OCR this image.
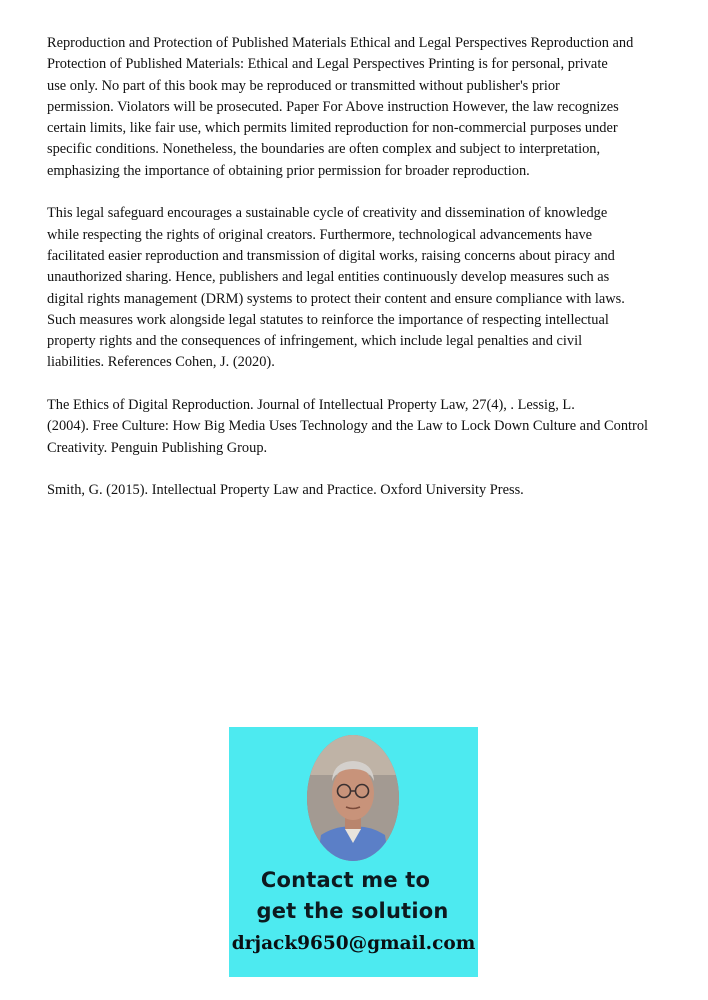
Reproduction and Protection of Published Materials Ethical and Legal Perspectives Reproduction and
Protection of Published Materials: Ethical and Legal Perspectives Printing is for personal, private
use only. No part of this book may be reproduced or transmitted without publisher's prior
permission. Violators will be prosecuted. Paper For Above instruction However, the law recognizes
certain limits, like fair use, which permits limited reproduction for non-commercial purposes under
specific conditions. Nonetheless, the boundaries are often complex and subject to interpretation,
emphasizing the importance of obtaining prior permission for broader reproduction.
This legal safeguard encourages a sustainable cycle of creativity and dissemination of knowledge
while respecting the rights of original creators. Furthermore, technological advancements have
facilitated easier reproduction and transmission of digital works, raising concerns about piracy and
unauthorized sharing. Hence, publishers and legal entities continuously develop measures such as
digital rights management (DRM) systems to protect their content and ensure compliance with laws.
Such measures work alongside legal statutes to reinforce the importance of respecting intellectual
property rights and the consequences of infringement, which include legal penalties and civil
liabilities. References Cohen, J. (2020).
The Ethics of Digital Reproduction. Journal of Intellectual Property Law, 27(4), . Lessig, L.
(2004). Free Culture: How Big Media Uses Technology and the Law to Lock Down Culture and Control
Creativity. Penguin Publishing Group.
Smith, G. (2015). Intellectual Property Law and Practice. Oxford University Press.
Contact me to
get the solution
drjack9650@gmail.com
